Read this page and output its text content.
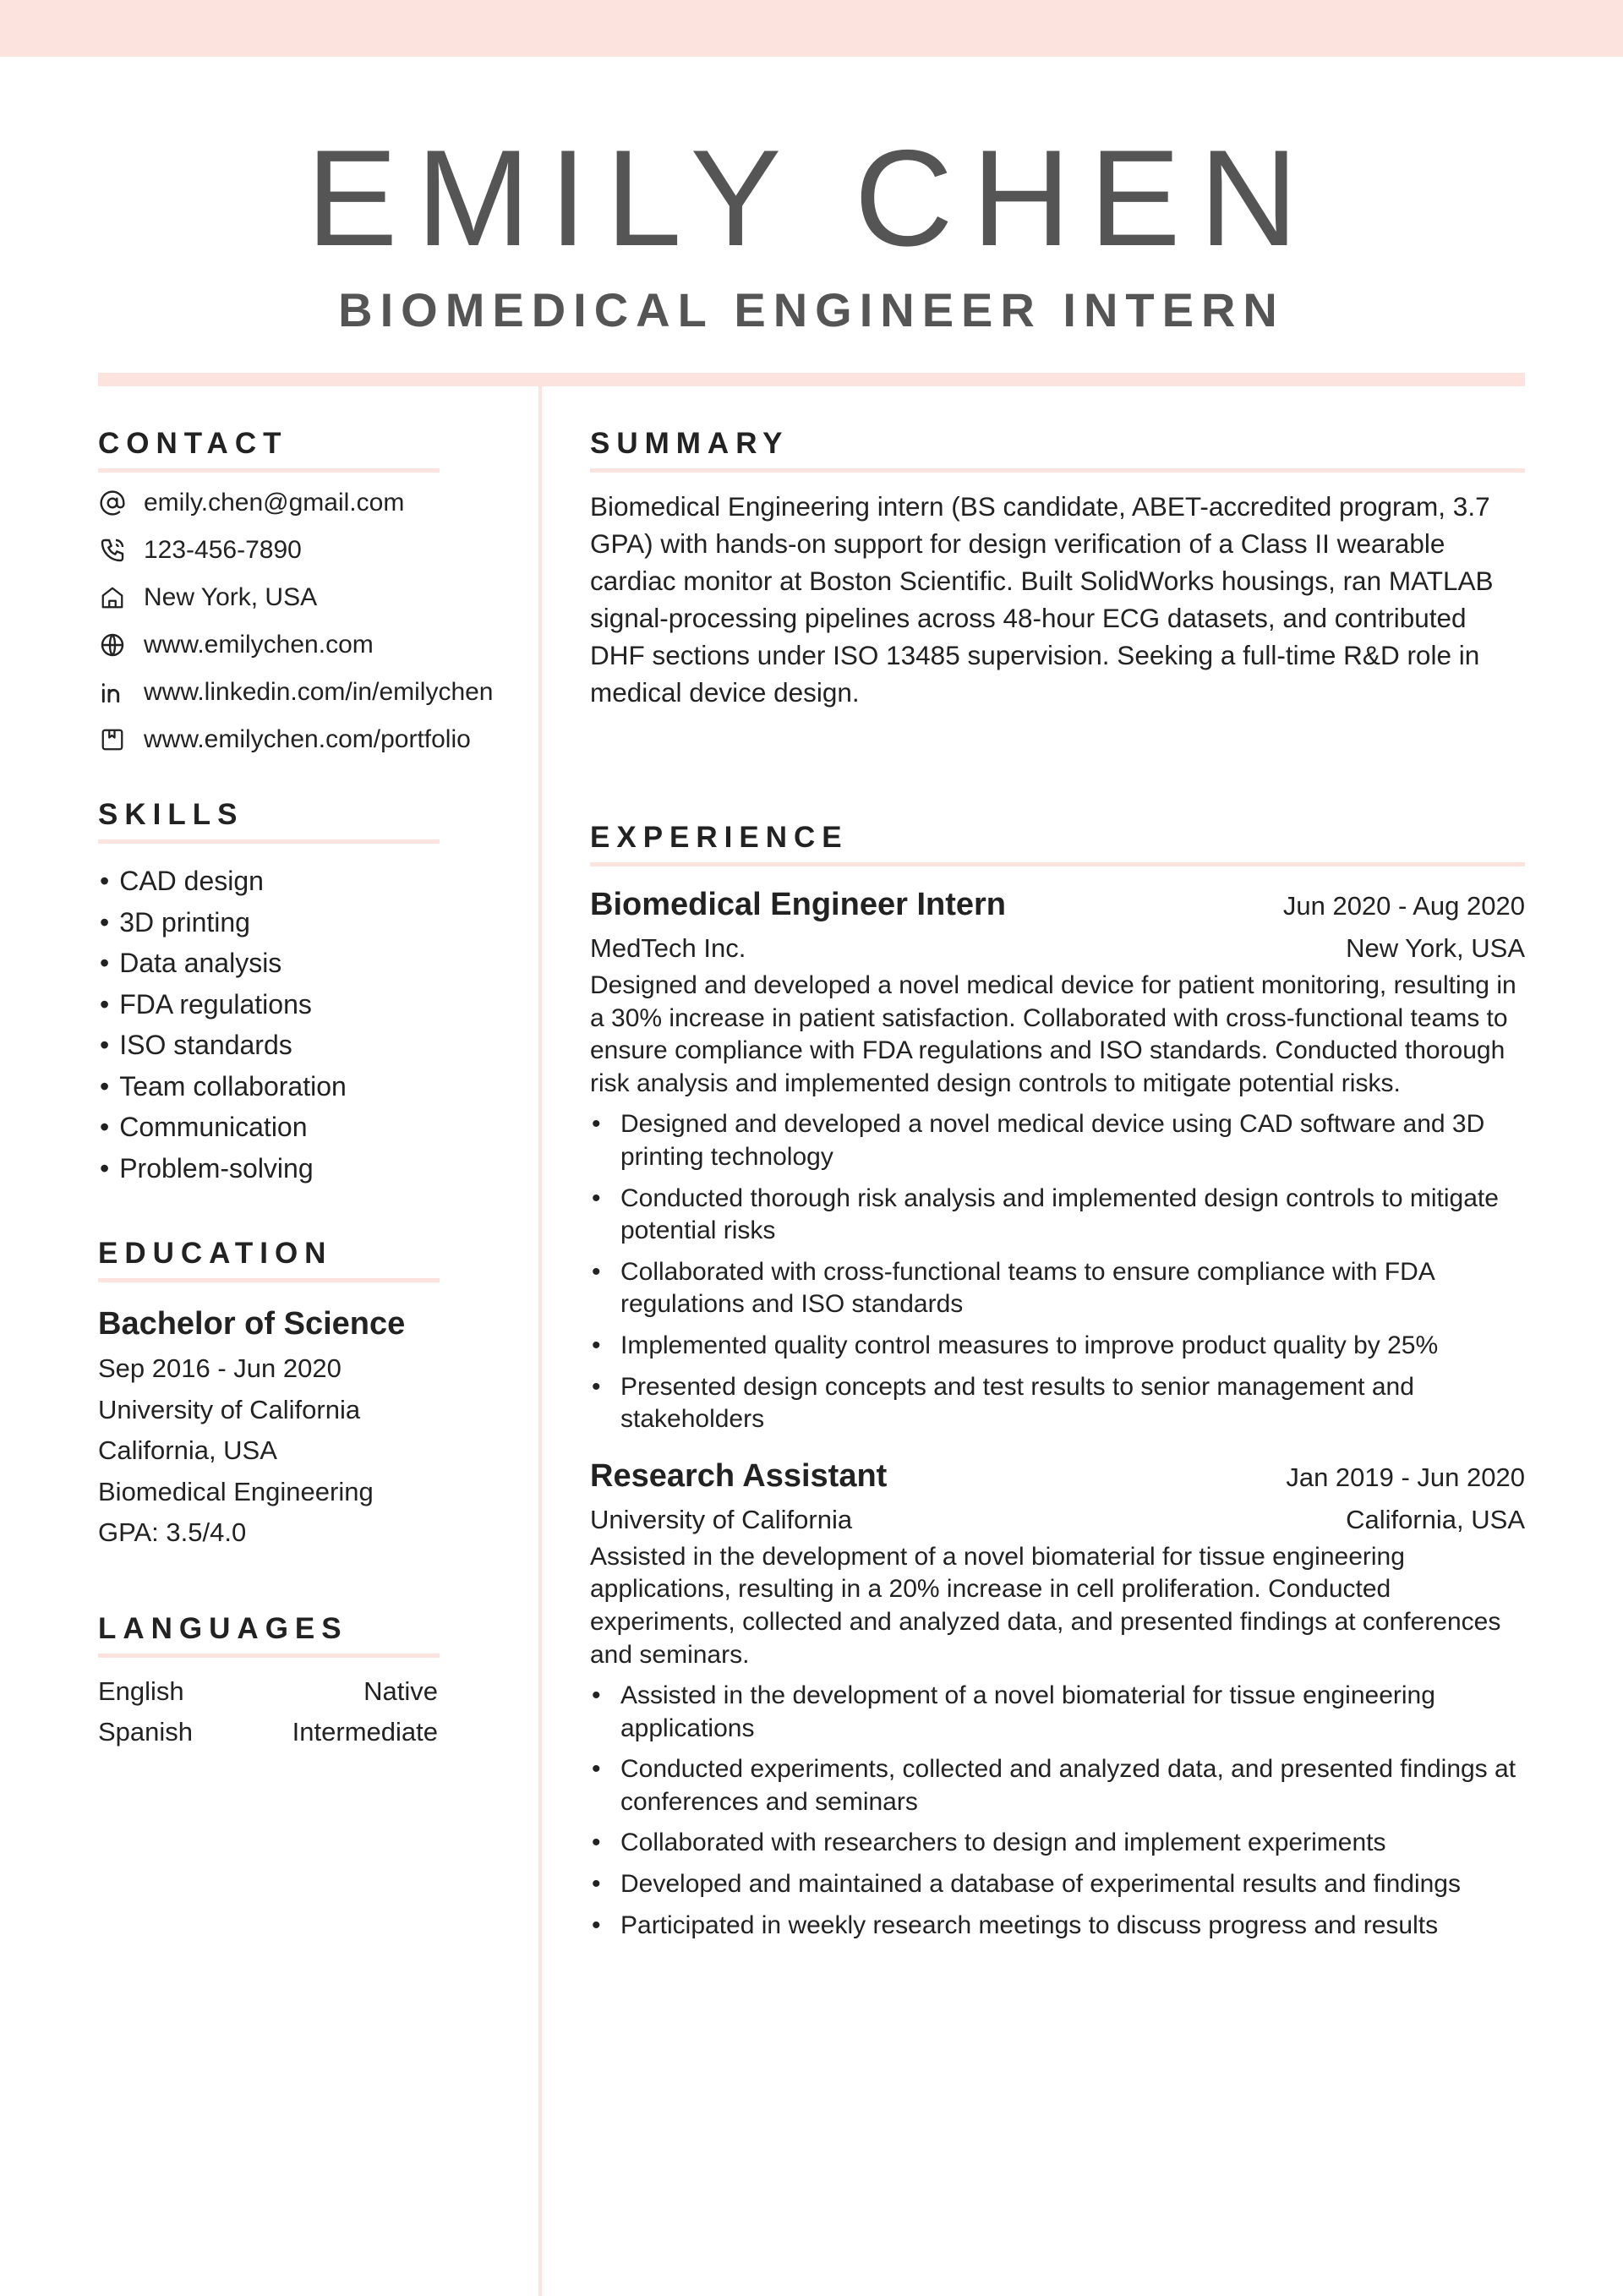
EMILY CHEN
BIOMEDICAL ENGINEER INTERN
CONTACT
emily.chen@gmail.com
123-456-7890
New York, USA
www.emilychen.com
www.linkedin.com/in/emilychen
www.emilychen.com/portfolio
SKILLS
• CAD design
• 3D printing
• Data analysis
• FDA regulations
• ISO standards
• Team collaboration
• Communication
• Problem-solving
EDUCATION
Bachelor of Science
Sep 2016 - Jun 2020
University of California
California, USA
Biomedical Engineering
GPA: 3.5/4.0
LANGUAGES
English	Native
Spanish	Intermediate
SUMMARY

Biomedical Engineering intern (BS candidate, ABET-accredited program, 3.7 GPA) with hands-on support for design verification of a Class II wearable cardiac monitor at Boston Scientific. Built SolidWorks housings, ran MATLAB signal-processing pipelines across 48-hour ECG datasets, and contributed DHF sections under ISO 13485 supervision. Seeking a full-time R&D role in medical device design.

EXPERIENCE
Biomedical Engineer Intern	Jun 2020 - Aug 2020
MedTech Inc.	New York, USA

Designed and developed a novel medical device for patient monitoring, resulting in a 30% increase in patient satisfaction. Collaborated with cross-functional teams to ensure compliance with FDA regulations and ISO standards. Conducted thorough risk analysis and implemented design controls to mitigate potential risks.

• Designed and developed a novel medical device using CAD software and 3D printing technology
• Conducted thorough risk analysis and implemented design controls to mitigate potential risks
• Collaborated with cross-functional teams to ensure compliance with FDA regulations and ISO standards
• Implemented quality control measures to improve product quality by 25%
• Presented design concepts and test results to senior management and stakeholders
Research Assistant	Jan 2019 - Jun 2020
University of California	California, USA

Assisted in the development of a novel biomaterial for tissue engineering applications, resulting in a 20% increase in cell proliferation. Conducted experiments, collected and analyzed data, and presented findings at conferences and seminars.

• Assisted in the development of a novel biomaterial for tissue engineering applications
• Conducted experiments, collected and analyzed data, and presented findings at conferences and seminars
• Collaborated with researchers to design and implement experiments
• Developed and maintained a database of experimental results and findings
• Participated in weekly research meetings to discuss progress and results
